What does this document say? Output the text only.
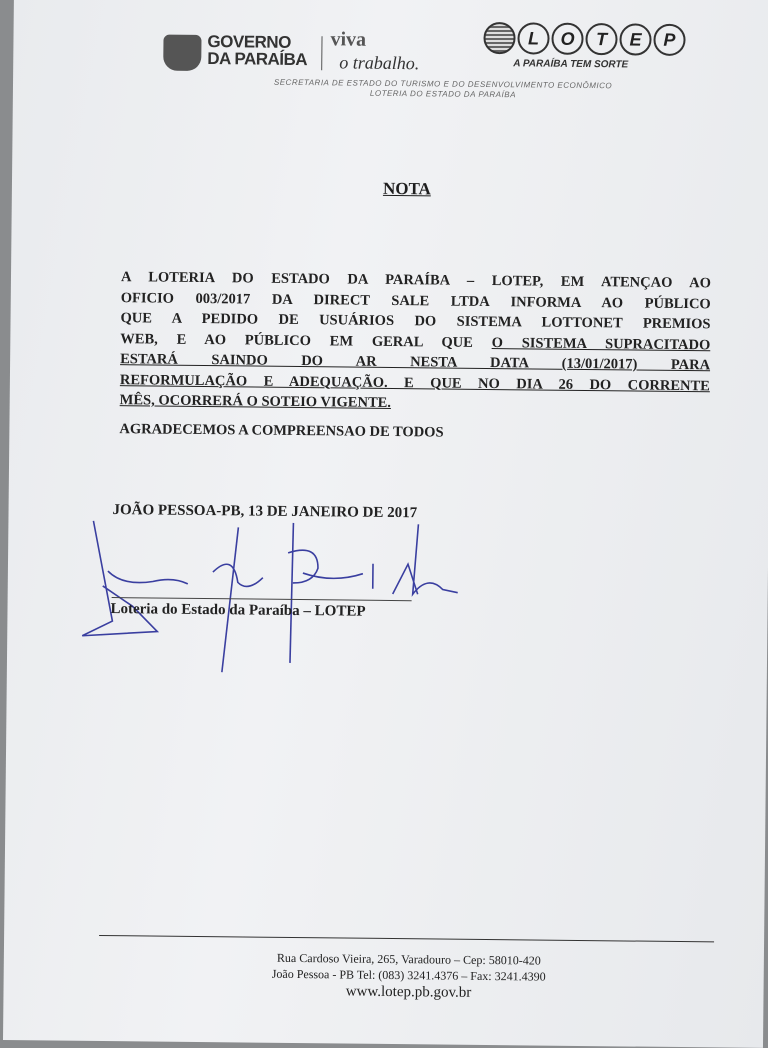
GOVERNO
DA PARAÍBA
viva
o trabalho.
L	O	T	E	P
A PARAÍBA TEM SORTE
SECRETARIA DE ESTADO DO TURISMO E DO DESENVOLVIMENTO ECONÔMICO
LOTERIA DO ESTADO DA PARAÍBA
NOTA
A LOTERIA DO ESTADO DA PARAÍBA – LOTEP, EM ATENÇAO AO
OFICIO 003/2017 DA DIRECT SALE LTDA INFORMA AO PÚBLICO
QUE A PEDIDO DE USUÁRIOS DO SISTEMA LOTTONET PREMIOS
WEB, E AO PÚBLICO EM GERAL QUE O SISTEMA SUPRACITADO
ESTARÁ SAINDO DO AR NESTA DATA (13/01/2017) PARA
REFORMULAÇÃO E ADEQUAÇÃO. E QUE NO DIA 26 DO CORRENTE
MÊS, OCORRERÁ O SOTEIO VIGENTE.
AGRADECEMOS A COMPREENSAO DE TODOS
JOÃO PESSOA-PB, 13 DE JANEIRO DE 2017
Loteria do Estado da Paraíba – LOTEP
Rua Cardoso Vieira, 265, Varadouro – Cep: 58010-420
João Pessoa - PB Tel: (083) 3241.4376 – Fax: 3241.4390
www.lotep.pb.gov.br
